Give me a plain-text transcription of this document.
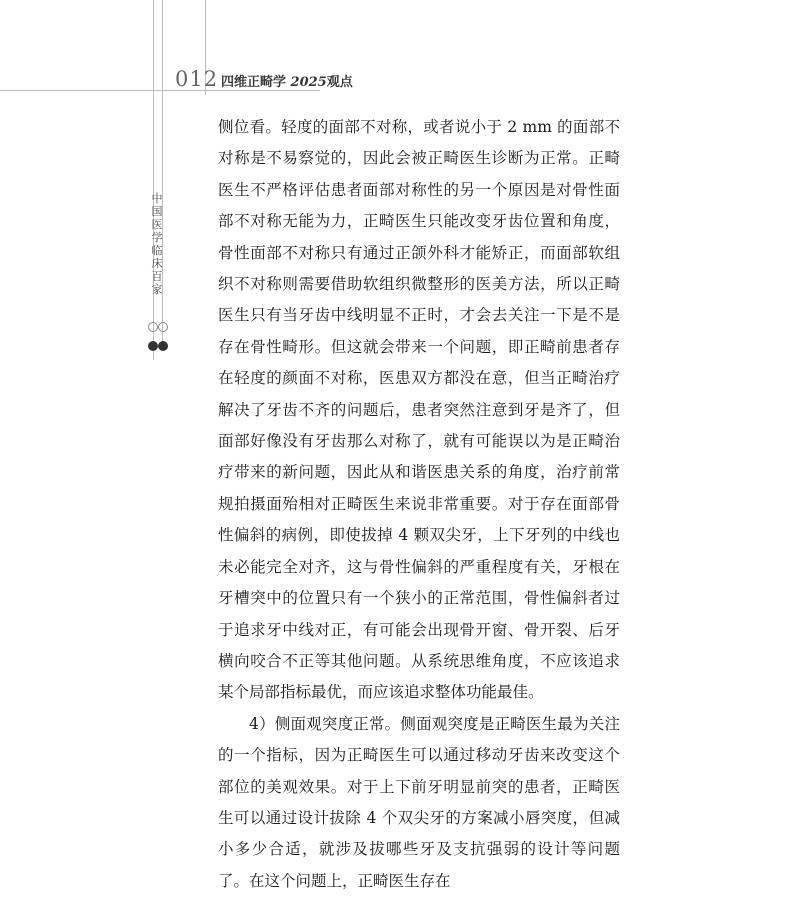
012 四维正畸学 2025观点
中国医学临床百家

侧位看。轻度的面部不对称，或者说小于 2 mm 的面部不对称是不易察觉的，因此会被正畸医生诊断为正常。正畸医生不严格评估患者面部对称性的另一个原因是对骨性面部不对称无能为力，正畸医生只能改变牙齿位置和角度，骨性面部不对称只有通过正颌外科才能矫正，而面部软组织不对称则需要借助软组织微整形的医美方法，所以正畸医生只有当牙齿中线明显不正时，才会去关注一下是不是存在骨性畸形。但这就会带来一个问题，即正畸前患者存在轻度的颜面不对称，医患双方都没在意，但当正畸治疗解决了牙齿不齐的问题后，患者突然注意到牙是齐了，但面部好像没有牙齿那么对称了，就有可能误以为是正畸治疗带来的新问题，因此从和谐医患关系的角度，治疗前常规拍摄面殆相对正畸医生来说非常重要。对于存在面部骨性偏斜的病例，即使拔掉 4 颗双尖牙，上下牙列的中线也未必能完全对齐，这与骨性偏斜的严重程度有关，牙根在牙槽突中的位置只有一个狭小的正常范围，骨性偏斜者过于追求牙中线对正，有可能会出现骨开窗、骨开裂、后牙横向咬合不正等其他问题。从系统思维角度，不应该追求某个局部指标最优，而应该追求整体功能最佳。

4）侧面观突度正常。侧面观突度是正畸医生最为关注的一个指标，因为正畸医生可以通过移动牙齿来改变这个部位的美观效果。对于上下前牙明显前突的患者，正畸医生可以通过设计拔除 4 个双尖牙的方案减小唇突度，但减小多少合适，就涉及拔哪些牙及支抗强弱的设计等问题了。在这个问题上，正畸医生存在
